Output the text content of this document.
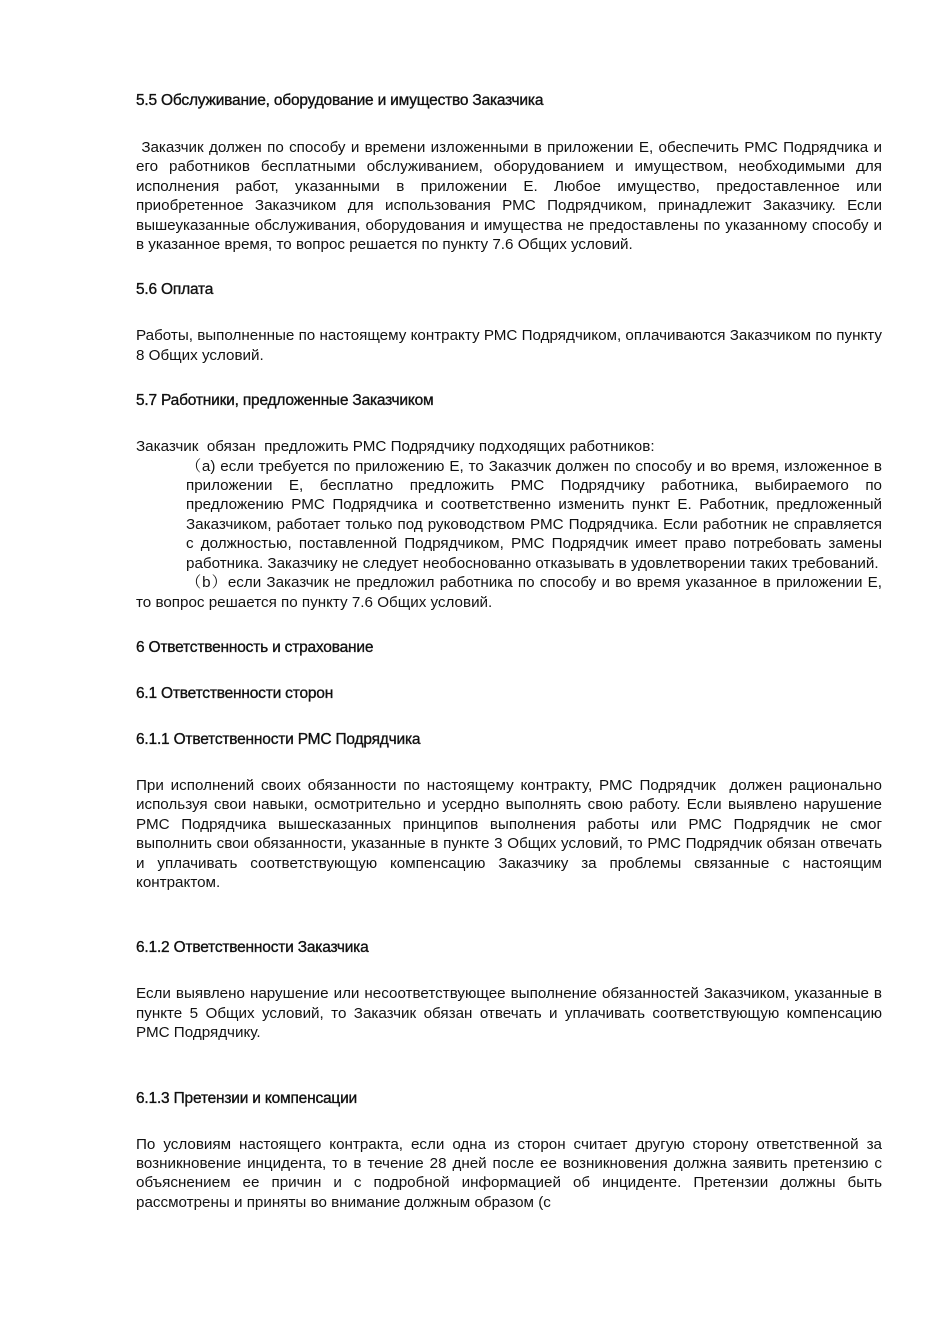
5.5 Обслуживание, оборудование и имущество Заказчика

Заказчик должен по способу и времени изложенными в приложении Е, обеспечить РМС Подрядчика и его работников бесплатными обслуживанием, оборудованием и имуществом, необходимыми для исполнения работ, указанными в приложении Е. Любое имущество, предоставленное или приобретенное Заказчиком для использования РМС Подрядчиком, принадлежит Заказчику. Если вышеуказанные обслуживания, оборудования и имущества не предоставлены по указанному способу и в указанное время, то вопрос решается по пункту 7.6 Общих условий.

5.6 Оплата

Работы, выполненные по настоящему контракту РМС Подрядчиком, оплачиваются Заказчиком по пункту 8 Общих условий.

5.7 Работники, предложенные Заказчиком

Заказчик  обязан  предложить РМС Подрядчику подходящих работников:

（a) если требуется по приложению Е, то Заказчик должен по способу и во время, изложенное в приложении Е, бесплатно предложить РМС Подрядчику работника, выбираемого по предложению РМС Подрядчика и соответственно изменить пункт Е. Работник, предложенный Заказчиком, работает только под руководством РМС Подрядчика. Если работник не справляется с должностью, поставленной Подрядчиком, РМС Подрядчик имеет право потребовать замены работника. Заказчику не следует необоснованно отказывать в удовлетворении таких требований.

（b）если Заказчик не предложил работника по способу и во время указанное в приложении Е, то вопрос решается по пункту 7.6 Общих условий.

6 Ответственность и страхование
6.1 Ответственности сторон
6.1.1 Ответственности РМС Подрядчика

При исполнений своих обязанности по настоящему контракту, РМС Подрядчик  должен рационально используя свои навыки, осмотрительно и усердно выполнять свою работу. Если выявлено нарушение РМС Подрядчика вышесказанных принципов выполнения работы или РМС Подрядчик не смог выполнить свои обязанности, указанные в пункте 3 Общих условий, то РМС Подрядчик обязан отвечать и уплачивать соответствующую компенсацию Заказчику за проблемы связанные с настоящим контрактом.

6.1.2 Ответственности Заказчика

Если выявлено нарушение или несоответствующее выполнение обязанностей Заказчиком, указанные в пункте 5 Общих условий, то Заказчик обязан отвечать и уплачивать соответствующую компенсацию РМС Подрядчику.

6.1.3 Претензии и компенсации

По условиям настоящего контракта, если одна из сторон считает другую сторону ответственной за возникновение инцидента, то в течение 28 дней после ее возникновения должна заявить претензию с объяснением ее причин и с подробной информацией об инциденте. Претензии должны быть рассмотрены и приняты во внимание должным образом (с
